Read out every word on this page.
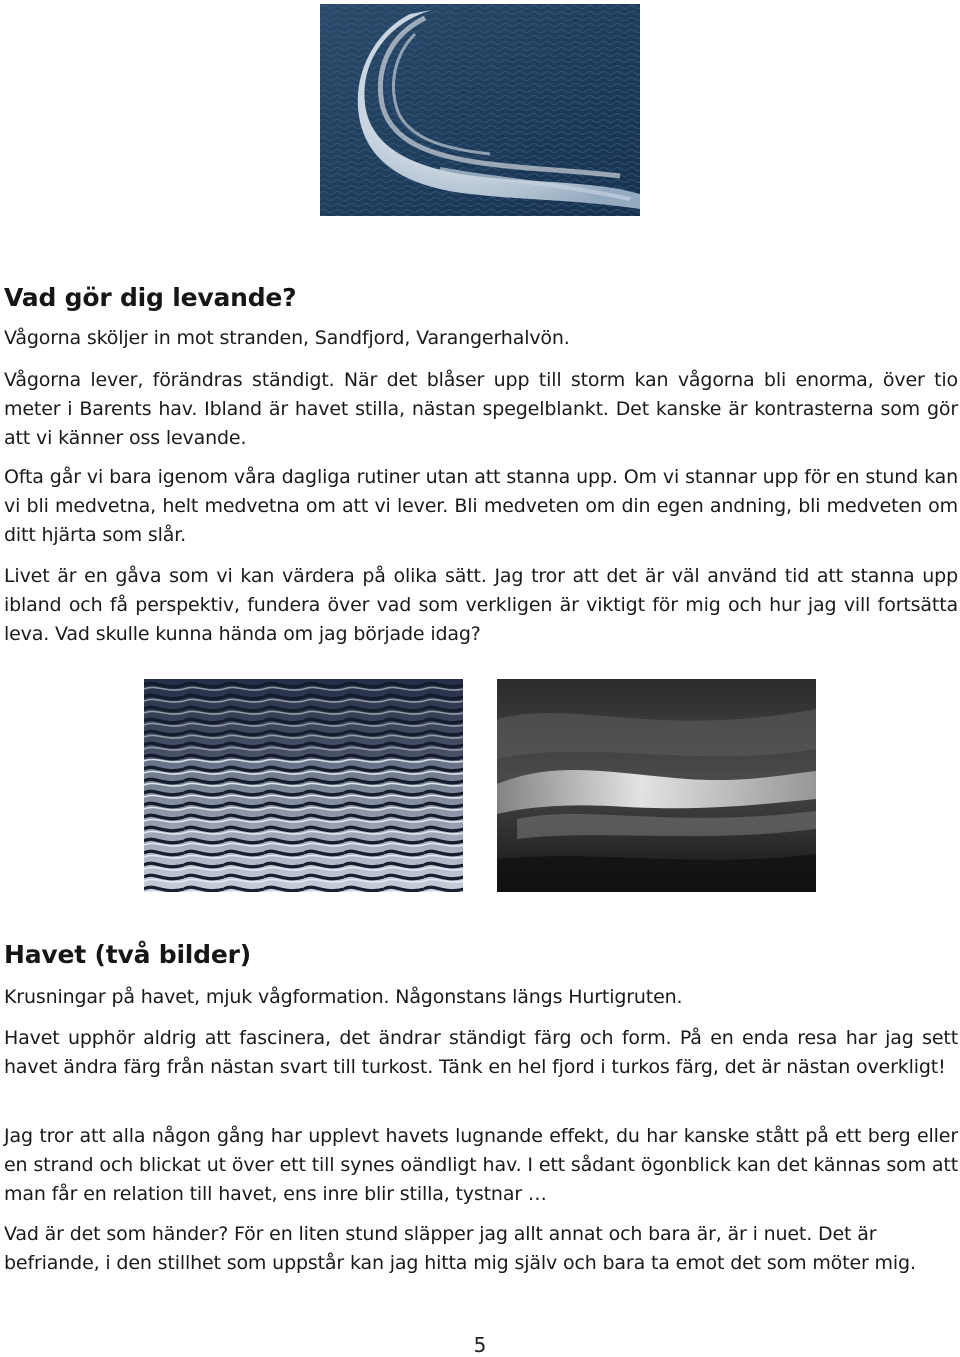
Vad gör dig levande?

Vågorna sköljer in mot stranden, Sandfjord, Varangerhalvön.

Vågorna lever, förändras ständigt. När det blåser upp till storm kan vågorna bli enorma, över tio meter i Barents hav. Ibland är havet stilla, nästan spegelblankt. Det kanske är kontrasterna som gör att vi känner oss levande.

Ofta går vi bara igenom våra dagliga rutiner utan att stanna upp. Om vi stannar upp för en stund kan vi bli medvetna, helt medvetna om att vi lever. Bli medveten om din egen andning, bli medveten om ditt hjärta som slår.

Livet är en gåva som vi kan värdera på olika sätt. Jag tror att det är väl använd tid att stanna upp ibland och få perspektiv, fundera över vad som verkligen är viktigt för mig och hur jag vill fortsätta leva. Vad skulle kunna hända om jag började idag?

Havet (två bilder)

Krusningar på havet, mjuk vågformation. Någonstans längs Hurtigruten.

Havet upphör aldrig att fascinera, det ändrar ständigt färg och form. På en enda resa har jag sett havet ändra färg från nästan svart till turkost. Tänk en hel fjord i turkos färg, det är nästan overkligt!

Jag tror att alla någon gång har upplevt havets lugnande effekt, du har kanske stått på ett berg eller en strand och blickat ut över ett till synes oändligt hav. I ett sådant ögonblick kan det kännas som att man får en relation till havet, ens inre blir stilla, tystnar …

Vad är det som händer? För en liten stund släpper jag allt annat och bara är, är i nuet. Det är befriande, i den stillhet som uppstår kan jag hitta mig själv och bara ta emot det som möter mig.

5
